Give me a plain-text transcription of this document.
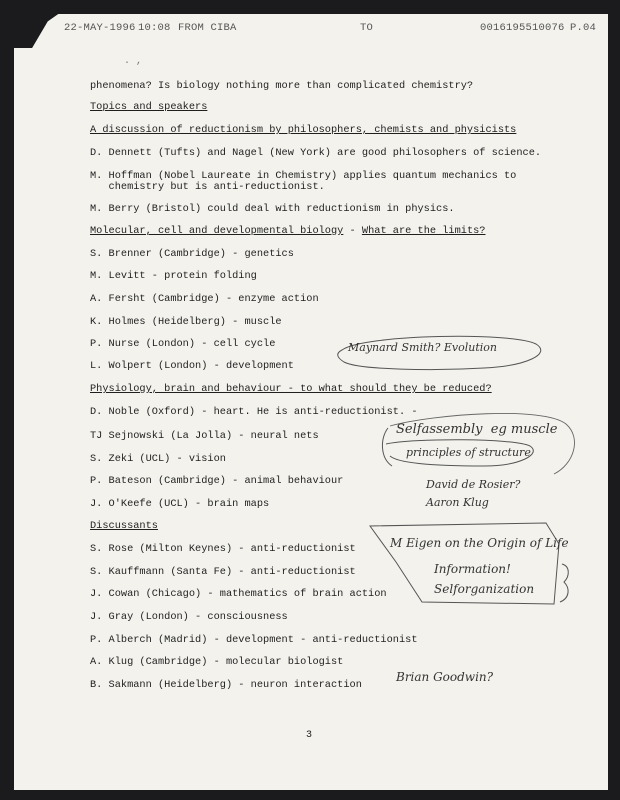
22-MAY-1996 10:08 FROM CIBA	TO	0016195510076 P.04
. ,
phenomena? Is biology nothing more than complicated chemistry?
Topics and speakers
A discussion of reductionism by philosophers, chemists and physicists
D. Dennett (Tufts) and Nagel (New York) are good philosophers of science.
M. Hoffman (Nobel Laureate in Chemistry) applies quantum mechanics to
chemistry but is anti-reductionist.
M. Berry (Bristol) could deal with reductionism in physics.
Molecular, cell and developmental biology - What are the limits?
S. Brenner (Cambridge) - genetics
M. Levitt - protein folding
A. Fersht (Cambridge) - enzyme action
K. Holmes (Heidelberg) - muscle
P. Nurse (London) - cell cycle
L. Wolpert (London) - development
Physiology, brain and behaviour - to what should they be reduced?
D. Noble (Oxford) - heart. He is anti-reductionist. -
TJ Sejnowski (La Jolla) - neural nets
S. Zeki (UCL) - vision
P. Bateson (Cambridge) - animal behaviour
J. O'Keefe (UCL) - brain maps
Discussants
S. Rose (Milton Keynes) - anti-reductionist
S. Kauffmann (Santa Fe) - anti-reductionist
J. Cowan (Chicago) - mathematics of brain action
J. Gray (London) - consciousness
P. Alberch (Madrid) - development - anti-reductionist
A. Klug (Cambridge) - molecular biologist
B. Sakmann (Heidelberg) - neuron interaction
3
Maynard Smith? Evolution
Selfassembly  eg muscle
principles of structure
David de Rosier?
Aaron Klug
M Eigen on the Origin of Life
Information!
Selforganization
Brian Goodwin?
